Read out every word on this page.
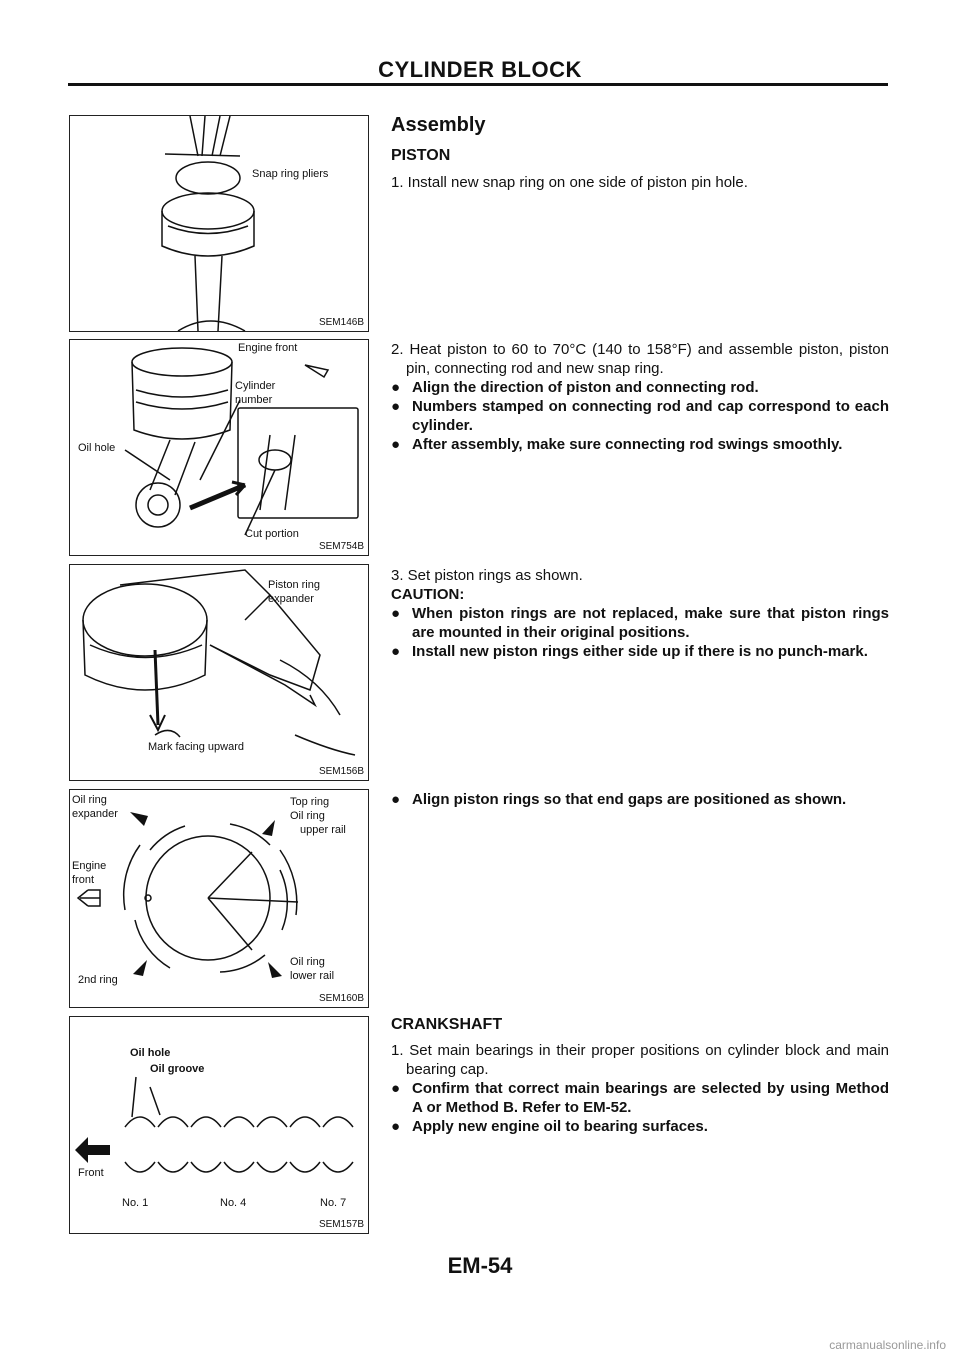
CYLINDER BLOCK
Snap ring pliers
SEM146B
Engine front
Cylinder
number
Oil hole
Cut portion
SEM754B
Piston ring
expander
Mark facing upward
SEM156B
Oil ring
expander
Top ring
Oil ring
upper rail
Engine
front
2nd ring
Oil ring
lower rail
SEM160B
Oil hole
Oil groove
Front
No. 1	No. 4	No. 7
SEM157B

Assembly

PISTON

1. Install new snap ring on one side of piston pin hole.

2. Heat piston to 60 to 70°C (140 to 158°F) and assemble piston, piston pin, connecting rod and new snap ring.

● Align the direction of piston and connecting rod.
● Numbers stamped on connecting rod and cap correspond to each cylinder.
● After assembly, make sure connecting rod swings smoothly.

3. Set piston rings as shown.

CAUTION:

● When piston rings are not replaced, make sure that piston rings are mounted in their original positions.
● Install new piston rings either side up if there is no punch-mark.
● Align piston rings so that end gaps are positioned as shown.

CRANKSHAFT

1. Set main bearings in their proper positions on cylinder block and main bearing cap.

● Confirm that correct main bearings are selected by using Method A or Method B. Refer to EM-52.
● Apply new engine oil to bearing surfaces.
EM-54
carmanualsonline.info
